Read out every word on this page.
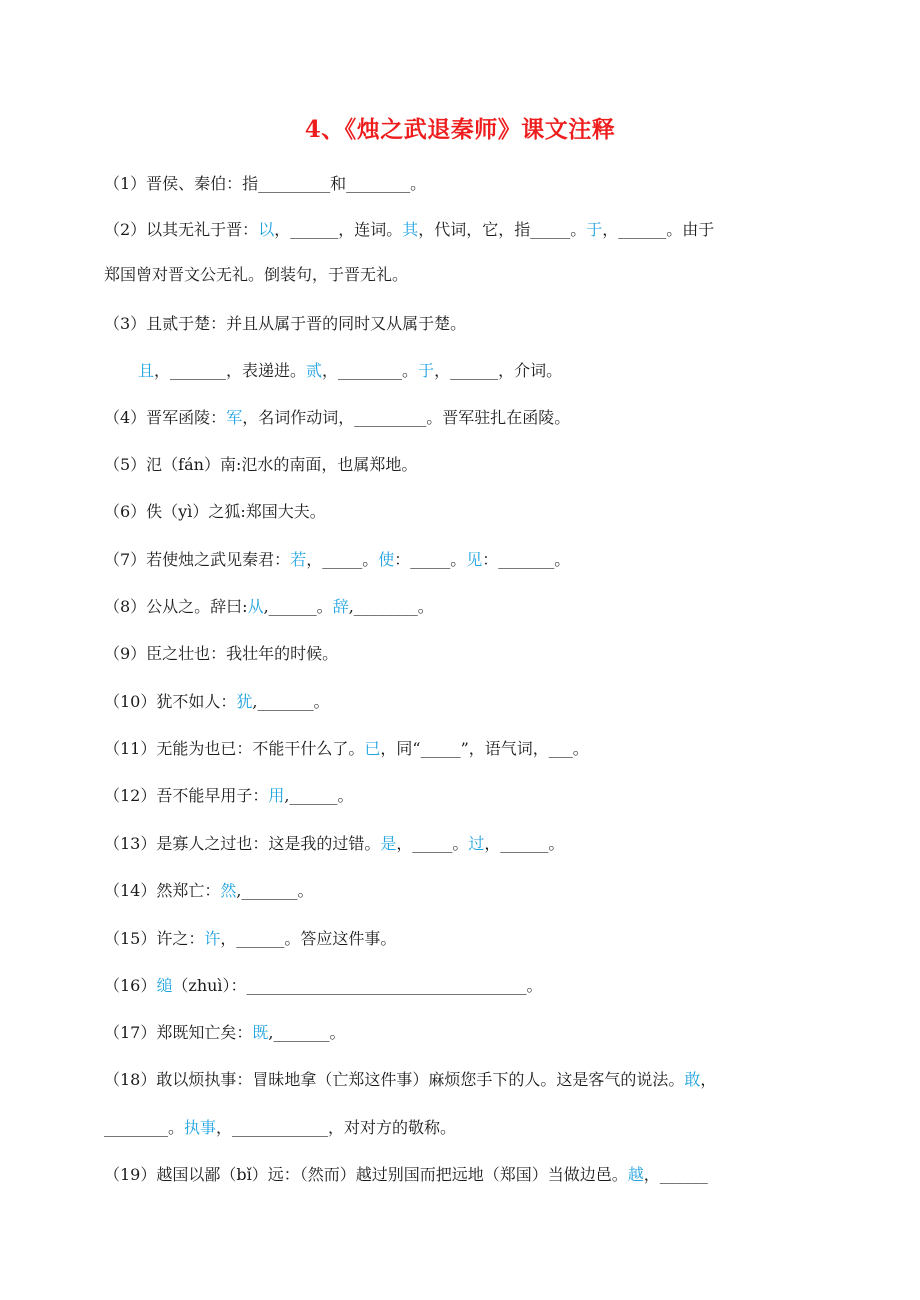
4、《烛之武退秦师》课文注释
（1）晋侯、秦伯：指_________和________。
（2）以其无礼于晋：以，______，连词。其，代词，它，指_____。于，______。由于
郑国曾对晋文公无礼。倒装句，于晋无礼。
（3）且贰于楚：并且从属于晋的同时又从属于楚。
且，_______，表递进。贰，________。于，______，介词。
（4）晋军函陵：军，名词作动词，_________。晋军驻扎在函陵。
（5）氾（fán）南:氾水的南面，也属郑地。
（6）佚（yì）之狐:郑国大夫。
（7）若使烛之武见秦君：若，_____。使：_____。见：_______。
（8）公从之。辞曰:从,______。辞,________。
（9）臣之壮也：我壮年的时候。
（10）犹不如人：犹,_______。
（11）无能为也已：不能干什么了。已，同“_____”，语气词，___。
（12）吾不能早用子：用,______。
（13）是寡人之过也：这是我的过错。是，_____。过，______。
（14）然郑亡：然,_______。
（15）许之：许，______。答应这件事。
（16）缒（zhuì）：___________________________________。
（17）郑既知亡矣：既,_______。
（18）敢以烦执事：冒昧地拿（亡郑这件事）麻烦您手下的人。这是客气的说法。敢，
________。执事，____________，对对方的敬称。
（19）越国以鄙（bǐ）远：（然而）越过别国而把远地（郑国）当做边邑。越，______
